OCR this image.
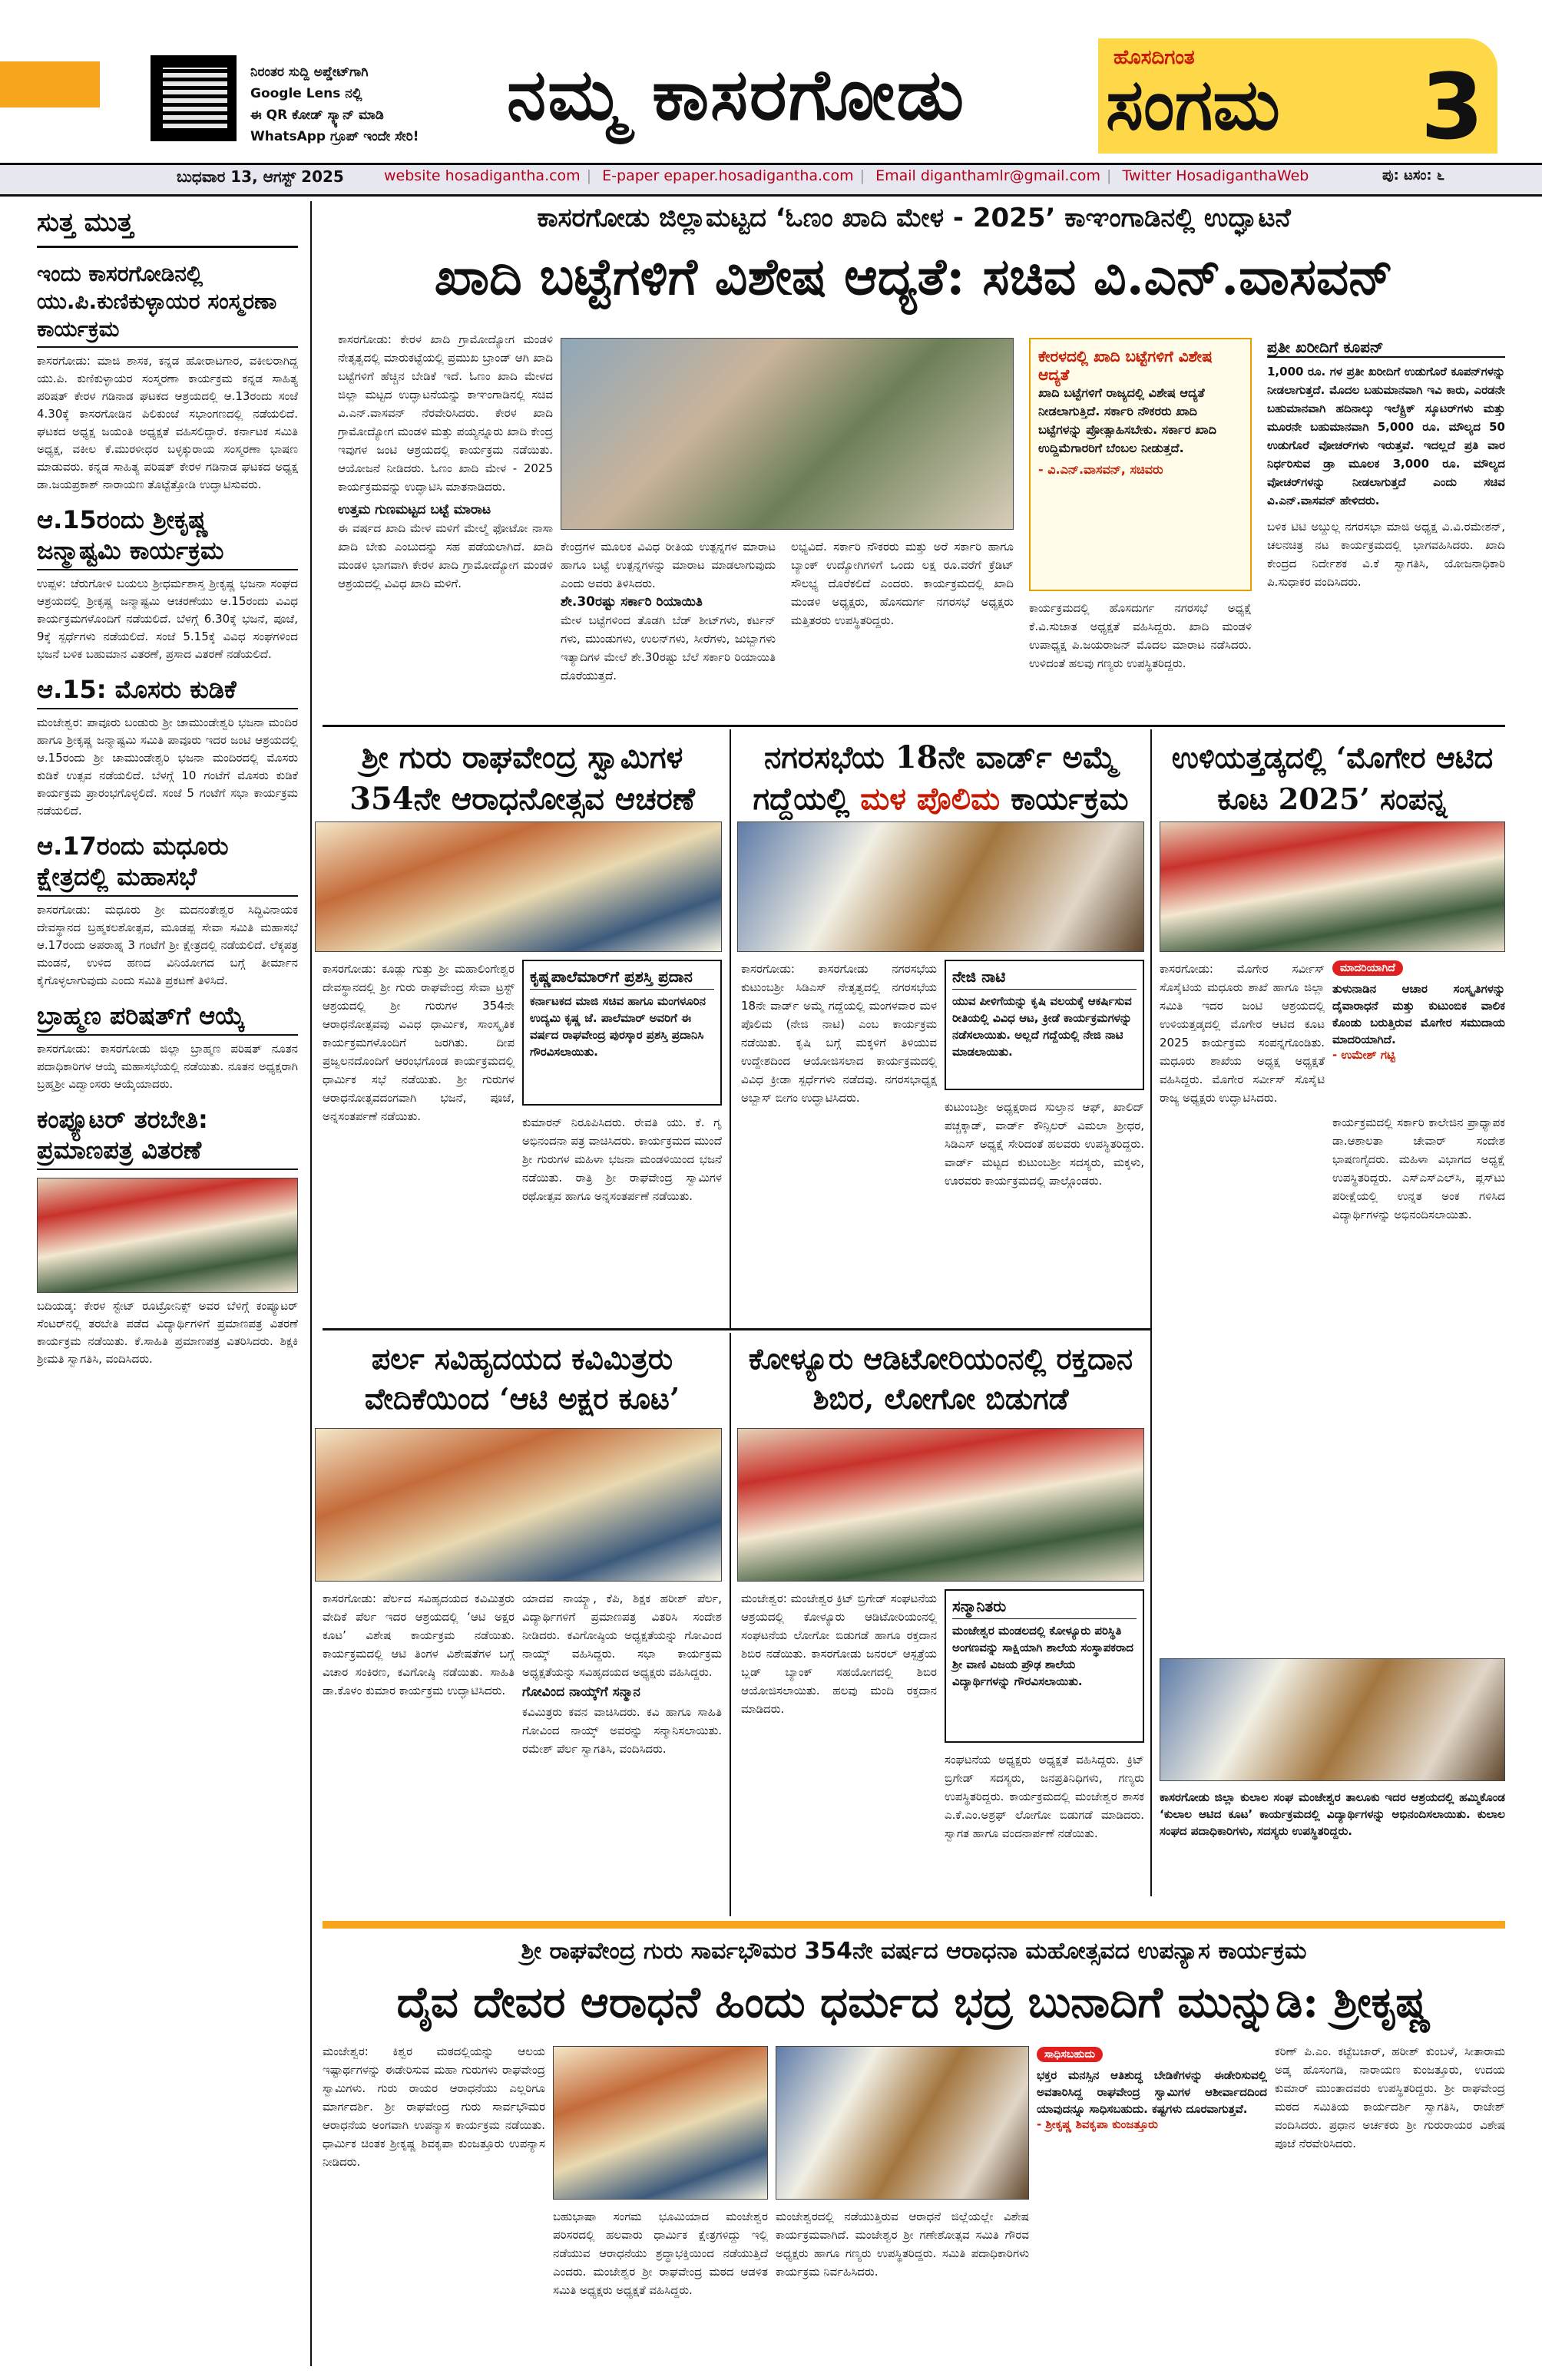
ನಿರಂತರ ಸುದ್ದಿ ಅಪ್ಡೇಟ್‌ಗಾಗಿ
Google Lens ನಲ್ಲಿ
ಈ QR ಕೋಡ್ ಸ್ಕ್ಯಾನ್ ಮಾಡಿ
WhatsApp ಗ್ರೂಪ್ ಇಂದೇ ಸೇರಿ!
ನಮ್ಮ ಕಾಸರಗೋಡು	ಹೊಸದಿಗಂತ
ಸಂಗಮ 3
ಬುಧವಾರ 13, ಆಗಸ್ಟ್ 2025	website hosadigantha.com | E-paper epaper.hosadigantha.com | Email diganthamlr@gmail.com | Twitter HosadiganthaWeb	ಪು: ಟಸಂ: ೬
ಸುತ್ತ ಮುತ್ತ
ಇಂದು ಕಾಸರಗೋಡಿನಲ್ಲಿ ಯು.ಪಿ.ಕುಣಿಕುಳ್ಳಾಯರ ಸಂಸ್ಮರಣಾ ಕಾರ್ಯಕ್ರಮ
ಕಾಸರಗೋಡು: ಮಾಜಿ ಶಾಸಕ, ಕನ್ನಡ ಹೋರಾಟಗಾರ, ವಕೀಲರಾಗಿದ್ದ ಯು.ಪಿ. ಕುಣಿಕುಳ್ಳಾಯರ ಸಂಸ್ಮರಣಾ ಕಾರ್ಯಕ್ರಮ ಕನ್ನಡ ಸಾಹಿತ್ಯ ಪರಿಷತ್ ಕೇರಳ ಗಡಿನಾಡ ಘಟಕದ ಆಶ್ರಯದಲ್ಲಿ ಆ.13ರಂದು ಸಂಜೆ 4.30ಕ್ಕೆ ಕಾಸರಗೋಡಿನ ಪಿಲಿಕುಂಜೆ ಸಭಾಂಗಣದಲ್ಲಿ ನಡೆಯಲಿದೆ. ಘಟಕದ ಅಧ್ಯಕ್ಷ ಜಯಂತಿ ಅಧ್ಯಕ್ಷತೆ ವಹಿಸಲಿದ್ದಾರೆ. ಕರ್ನಾಟಕ ಸಮಿತಿ ಅಧ್ಯಕ್ಷ, ವಕೀಲ ಕೆ.ಮುರಳೀಧರ ಬಳ್ಳಕ್ಕುರಾಯ ಸಂಸ್ಮರಣಾ ಭಾಷಣ ಮಾಡುವರು. ಕನ್ನಡ ಸಾಹಿತ್ಯ ಪರಿಷತ್ ಕೇರಳ ಗಡಿನಾಡ ಘಟಕದ ಅಧ್ಯಕ್ಷ ಡಾ.ಜಯಪ್ರಕಾಶ್ ನಾರಾಯಣ ತೊಟ್ಟೆತ್ತೋಡಿ ಉದ್ಘಾಟಿಸುವರು.
ಆ.15ರಂದು ಶ್ರೀಕೃಷ್ಣ ಜನ್ಮಾಷ್ಟಮಿ ಕಾರ್ಯಕ್ರಮ
ಉಪ್ಪಳ: ಚೆರುಗೋಳಿ ಬಯಲು ಶ್ರೀಧರ್ಮಶಾಸ್ತ ಶ್ರೀಕೃಷ್ಣ ಭಜನಾ ಸಂಘದ ಆಶ್ರಯದಲ್ಲಿ ಶ್ರೀಕೃಷ್ಣ ಜನ್ಮಾಷ್ಟಮಿ ಆಚರಣೆಯು ಆ.15ರಂದು ವಿವಿಧ ಕಾರ್ಯಕ್ರಮಗಳೊಂದಿಗೆ ನಡೆಯಲಿದೆ. ಬೆಳಗ್ಗೆ 6.30ಕ್ಕೆ ಭಜನೆ, ಪೂಜೆ, 9ಕ್ಕೆ ಸ್ಪರ್ಧೆಗಳು ನಡೆಯಲಿದೆ. ಸಂಜೆ 5.15ಕ್ಕೆ ವಿವಿಧ ಸಂಘಗಳಿಂದ ಭಜನೆ ಬಳಿಕ ಬಹುಮಾನ ವಿತರಣೆ, ಪ್ರಸಾದ ವಿತರಣೆ ನಡೆಯಲಿದೆ.
ಆ.15: ಮೊಸರು ಕುಡಿಕೆ
ಮಂಜೇಶ್ವರ: ಪಾವೂರು ಬಂಡುರು ಶ್ರೀ ಚಾಮುಂಡೇಶ್ವರಿ ಭಜನಾ ಮಂದಿರ ಹಾಗೂ ಶ್ರೀಕೃಷ್ಣ ಜನ್ಮಾಷ್ಟಮಿ ಸಮಿತಿ ಪಾವೂರು ಇದರ ಜಂಟಿ ಆಶ್ರಯದಲ್ಲಿ ಆ.15ರಂದು ಶ್ರೀ ಚಾಮುಂಡೇಶ್ವರಿ ಭಜನಾ ಮಂದಿರದಲ್ಲಿ ಮೊಸರು ಕುಡಿಕೆ ಉತ್ಸವ ನಡೆಯಲಿದೆ. ಬೆಳಗ್ಗೆ 10 ಗಂಟೆಗೆ ಮೊಸರು ಕುಡಿಕೆ ಕಾರ್ಯಕ್ರಮ ಪ್ರಾರಂಭಗೊಳ್ಳಲಿದೆ. ಸಂಜೆ 5 ಗಂಟೆಗೆ ಸಭಾ ಕಾರ್ಯಕ್ರಮ ನಡೆಯಲಿದೆ.
ಆ.17ರಂದು ಮಧೂರು ಕ್ಷೇತ್ರದಲ್ಲಿ ಮಹಾಸಭೆ
ಕಾಸರಗೋಡು: ಮಧೂರು ಶ್ರೀ ಮದನಂತೇಶ್ವರ ಸಿದ್ಧಿವಿನಾಯಕ ದೇವಸ್ಥಾನದ ಬ್ರಹ್ಮಕಲಶೋತ್ಸವ, ಮೂಡಪ್ಪ ಸೇವಾ ಸಮಿತಿ ಮಹಾಸಭೆ ಆ.17ರಂದು ಅಪರಾಹ್ನ 3 ಗಂಟೆಗೆ ಶ್ರೀ ಕ್ಷೇತ್ರದಲ್ಲಿ ನಡೆಯಲಿದೆ. ಲೆಕ್ಕಪತ್ರ ಮಂಡನೆ, ಉಳಿದ ಹಣದ ವಿನಿಯೋಗದ ಬಗ್ಗೆ ತೀರ್ಮಾನ ಕೈಗೊಳ್ಳಲಾಗುವುದು ಎಂದು ಸಮಿತಿ ಪ್ರಕಟಣೆ ತಿಳಿಸಿದೆ.
ಬ್ರಾಹ್ಮಣ ಪರಿಷತ್‌ಗೆ ಆಯ್ಕೆ
ಕಾಸರಗೋಡು: ಕಾಸರಗೋಡು ಜಿಲ್ಲಾ ಬ್ರಾಹ್ಮಣ ಪರಿಷತ್ ನೂತನ ಪದಾಧಿಕಾರಿಗಳ ಆಯ್ಕೆ ಮಹಾಸಭೆಯಲ್ಲಿ ನಡೆಯಿತು. ನೂತನ ಅಧ್ಯಕ್ಷರಾಗಿ ಬ್ರಹ್ಮಶ್ರೀ ವಿದ್ವಾಂಸರು ಆಯ್ಕೆಯಾದರು.
ಕಂಪ್ಯೂಟರ್ ತರಬೇತಿ: ಪ್ರಮಾಣಪತ್ರ ವಿತರಣೆ
ಬದಿಯಡ್ಕ: ಕೇರಳ ಸ್ಟೇಟ್ ರೂಟ್ರೋನಿಕ್ಸ್ ಅವರ ಬೆಳಿಗ್ಗೆ ಕಂಪ್ಯೂಟರ್ ಸೆಂಟರ್‌ನಲ್ಲಿ ತರಬೇತಿ ಪಡೆದ ವಿದ್ಯಾರ್ಥಿಗಳಿಗೆ ಪ್ರಮಾಣಪತ್ರ ವಿತರಣೆ ಕಾರ್ಯಕ್ರಮ ನಡೆಯಿತು. ಕೆ.ಸಾಹಿತಿ ಪ್ರಮಾಣಪತ್ರ ವಿತರಿಸಿದರು. ಶಿಕ್ಷಕಿ ಶ್ರೀಮತಿ ಸ್ವಾಗತಿಸಿ, ವಂದಿಸಿದರು.
ಕಾಸರಗೋಡು ಜಿಲ್ಲಾಮಟ್ಟದ ‘ಓಣಂ ಖಾದಿ ಮೇಳ - 2025’ ಕಾಞಂಗಾಡಿನಲ್ಲಿ ಉದ್ಘಾಟನೆ
ಖಾದಿ ಬಟ್ಟೆಗಳಿಗೆ ವಿಶೇಷ ಆದ್ಯತೆ: ಸಚಿವ ವಿ.ಎನ್.ವಾಸವನ್
ಕಾಸರಗೋಡು: ಕೇರಳ ಖಾದಿ ಗ್ರಾಮೋದ್ಯೋಗ ಮಂಡಳಿ ನೇತೃತ್ವದಲ್ಲಿ ಮಾರುಕಟ್ಟೆಯಲ್ಲಿ ಪ್ರಮುಖ ಬ್ರಾಂಡ್ ಆಗಿ ಖಾದಿ ಬಟ್ಟೆಗಳಿಗೆ ಹೆಚ್ಚಿನ ಬೇಡಿಕೆ ಇದೆ. ಓಣಂ ಖಾದಿ ಮೇಳದ ಜಿಲ್ಲಾ ಮಟ್ಟದ ಉದ್ಘಾಟನೆಯನ್ನು ಕಾಞಂಗಾಡಿನಲ್ಲಿ ಸಚಿವ ವಿ.ಎನ್.ವಾಸವನ್ ನೆರವೇರಿಸಿದರು. ಕೇರಳ ಖಾದಿ ಗ್ರಾಮೋದ್ಯೋಗ ಮಂಡಳಿ ಮತ್ತು ಪಯ್ಯನ್ನೂರು ಖಾದಿ ಕೇಂದ್ರ ಇವುಗಳ ಜಂಟಿ ಆಶ್ರಯದಲ್ಲಿ ಕಾರ್ಯಕ್ರಮ ನಡೆಯಿತು. ಆಯೋಜನೆ ನೀಡಿದರು. ಓಣಂ ಖಾದಿ ಮೇಳ - 2025 ಕಾರ್ಯಕ್ರಮವನ್ನು ಉದ್ಘಾಟಿಸಿ ಮಾತನಾಡಿದರು.
ಉತ್ತಮ ಗುಣಮಟ್ಟದ ಬಟ್ಟೆ ಮಾರಾಟ
ಈ ವರ್ಷದ ಖಾದಿ ಮೇಳ ಮಳಿಗೆ ಮೇಲ್ಮೆ ಫೋಟೋ ನಾಸಾ ಖಾದಿ ಬೇಕು ಎಂಬುದನ್ನು ಸಹ ಪಡೆಯಲಾಗಿದೆ. ಖಾದಿ ಮಂಡಳಿ ಭಾಗವಾಗಿ ಕೇರಳ ಖಾದಿ ಗ್ರಾಮೋದ್ಯೋಗ ಮಂಡಳಿ ಆಶ್ರಯದಲ್ಲಿ ವಿವಿಧ ಖಾದಿ ಮಳಿಗೆ.
ಕೇಂದ್ರಗಳ ಮೂಲಕ ವಿವಿಧ ರೀತಿಯ ಉತ್ಪನ್ನಗಳ ಮಾರಾಟ ಹಾಗೂ ಬಟ್ಟೆ ಉತ್ಪನ್ನಗಳನ್ನು ಮಾರಾಟ ಮಾಡಲಾಗುವುದು ಎಂದು ಅವರು ತಿಳಿಸಿದರು.
ಶೇ.30ರಷ್ಟು ಸರ್ಕಾರಿ ರಿಯಾಯಿತಿ
ಮೇಳ ಬಟ್ಟೆಗಳಿಂದ ತೊಡಗಿ ಬೆಡ್ ಶೀಟ್‌ಗಳು, ಕರ್ಟನ್ ಗಳು, ಮುಂಡುಗಳು, ಉಲನ್‌ಗಳು, ಸೀರೆಗಳು, ಜುಬ್ಬಾಗಳು ಇತ್ಯಾದಿಗಳ ಮೇಲೆ ಶೇ.30ರಷ್ಟು ಬೆಲೆ ಸರ್ಕಾರಿ ರಿಯಾಯಿತಿ ದೊರೆಯುತ್ತದೆ.
ಲಭ್ಯವಿದೆ. ಸರ್ಕಾರಿ ನೌಕರರು ಮತ್ತು ಅರೆ ಸರ್ಕಾರಿ ಹಾಗೂ ಬ್ಯಾಂಕ್ ಉದ್ಯೋಗಿಗಳಿಗೆ ಒಂದು ಲಕ್ಷ ರೂ.ವರೆಗೆ ಕ್ರೆಡಿಟ್ ಸೌಲಭ್ಯ ದೊರೆಕಲಿದೆ ಎಂದರು. ಕಾರ್ಯಕ್ರಮದಲ್ಲಿ ಖಾದಿ ಮಂಡಳಿ ಅಧ್ಯಕ್ಷರು, ಹೊಸದುರ್ಗ ನಗರಸಭೆ ಅಧ್ಯಕ್ಷರು ಮತ್ತಿತರರು ಉಪಸ್ಥಿತರಿದ್ದರು.
ಕೇರಳದಲ್ಲಿ ಖಾದಿ ಬಟ್ಟೆಗಳಿಗೆ ವಿಶೇಷ ಆದ್ಯತೆ
ಖಾದಿ ಬಟ್ಟೆಗಳಿಗೆ ರಾಜ್ಯದಲ್ಲಿ ವಿಶೇಷ ಆದ್ಯತೆ ನೀಡಲಾಗುತ್ತಿದೆ. ಸರ್ಕಾರಿ ನೌಕರರು ಖಾದಿ ಬಟ್ಟೆಗಳನ್ನು ಪ್ರೋತ್ಸಾಹಿಸಬೇಕು. ಸರ್ಕಾರ ಖಾದಿ ಉದ್ದಿಮೆಗಾರರಿಗೆ ಬೆಂಬಲ ನೀಡುತ್ತದೆ.
- ವಿ.ಎನ್.ವಾಸವನ್, ಸಚಿವರು
ಕಾರ್ಯಕ್ರಮದಲ್ಲಿ ಹೊಸದುರ್ಗ ನಗರಸಭೆ ಅಧ್ಯಕ್ಷೆ ಕೆ.ವಿ.ಸುಜಾತ ಅಧ್ಯಕ್ಷತೆ ವಹಿಸಿದ್ದರು. ಖಾದಿ ಮಂಡಳಿ ಉಪಾಧ್ಯಕ್ಷ ಪಿ.ಜಯರಾಜನ್ ಮೊದಲ ಮಾರಾಟ ನಡೆಸಿದರು. ಉಳಿದಂತೆ ಹಲವು ಗಣ್ಯರು ಉಪಸ್ಥಿತರಿದ್ದರು.
ಪ್ರತೀ ಖರೀದಿಗೆ ಕೂಪನ್
1,000 ರೂ. ಗಳ ಪ್ರತೀ ಖರೀದಿಗೆ ಉಡುಗೊರೆ ಕೂಪನ್‌ಗಳನ್ನು ನೀಡಲಾಗುತ್ತದೆ. ಮೊದಲ ಬಹುಮಾನವಾಗಿ ಇವಿ ಕಾರು, ಎರಡನೇ ಬಹುಮಾನವಾಗಿ ಹದಿನಾಲ್ಕು ಇಲೆಕ್ಟ್ರಿಕ್ ಸ್ಕೂಟರ್‌ಗಳು ಮತ್ತು ಮೂರನೇ ಬಹುಮಾನವಾಗಿ 5,000 ರೂ. ಮೌಲ್ಯದ 50 ಉಡುಗೊರೆ ವೋಚರ್‌ಗಳು ಇರುತ್ತವೆ. ಇದಲ್ಲದೆ ಪ್ರತಿ ವಾರ ನಿರ್ಧರಿಸುವ ಡ್ರಾ ಮೂಲಕ 3,000 ರೂ. ಮೌಲ್ಯದ ವೋಚರ್‌ಗಳನ್ನು ನೀಡಲಾಗುತ್ತದೆ ಎಂದು ಸಚಿವ ವಿ.ಎನ್.ವಾಸವನ್ ಹೇಳಿದರು.
ಬಳಿಕ ಟಿಟಿ ಅಬ್ದುಲ್ಲ ನಗರಸಭಾ ಮಾಜಿ ಅಧ್ಯಕ್ಷ ವಿ.ವಿ.ರಮೇಶನ್, ಚಲನಚಿತ್ರ ನಟ ಕಾರ್ಯಕ್ರಮದಲ್ಲಿ ಭಾಗವಹಿಸಿದರು. ಖಾದಿ ಕೇಂದ್ರದ ನಿರ್ದೇಶಕ ವಿ.ಕೆ ಸ್ವಾಗತಿಸಿ, ಯೋಜನಾಧಿಕಾರಿ ಪಿ.ಸುಧಾಕರ ವಂದಿಸಿದರು.
ಶ್ರೀ ಗುರು ರಾಘವೇಂದ್ರ ಸ್ವಾಮಿಗಳ 354ನೇ ಆರಾಧನೋತ್ಸವ ಆಚರಣೆ
ಕಾಸರಗೋಡು: ಕೂಡ್ಲು ಗುತ್ತು ಶ್ರೀ ಮಹಾಲಿಂಗೇಶ್ವರ ದೇವಸ್ಥಾನದಲ್ಲಿ ಶ್ರೀ ಗುರು ರಾಘವೇಂದ್ರ ಸೇವಾ ಟ್ರಸ್ಟ್ ಆಶ್ರಯದಲ್ಲಿ ಶ್ರೀ ಗುರುಗಳ 354ನೇ ಆರಾಧನೋತ್ಸವವು ವಿವಿಧ ಧಾರ್ಮಿಕ, ಸಾಂಸ್ಕೃತಿಕ ಕಾರ್ಯಕ್ರಮಗಳೊಂದಿಗೆ ಜರಗಿತು. ದೀಪ ಪ್ರಜ್ವಲನದೊಂದಿಗೆ ಆರಂಭಗೊಂಡ ಕಾರ್ಯಕ್ರಮದಲ್ಲಿ ಧಾರ್ಮಿಕ ಸಭೆ ನಡೆಯಿತು. ಶ್ರೀ ಗುರುಗಳ ಆರಾಧನೋತ್ಸವದಂಗವಾಗಿ ಭಜನೆ, ಪೂಜೆ, ಅನ್ನಸಂತರ್ಪಣೆ ನಡೆಯಿತು.
ಕೃಷ್ಣಪಾಲೆಮಾರ್‌ಗೆ ಪ್ರಶಸ್ತಿ ಪ್ರದಾನ
ಕರ್ನಾಟಕದ ಮಾಜಿ ಸಚಿವ ಹಾಗೂ ಮಂಗಳೂರಿನ ಉದ್ಯಮಿ ಕೃಷ್ಣ ಜೆ. ಪಾಲೆಮಾರ್ ಅವರಿಗೆ ಈ ವರ್ಷದ ರಾಘವೇಂದ್ರ ಪುರಸ್ಕಾರ ಪ್ರಶಸ್ತಿ ಪ್ರದಾನಿಸಿ ಗೌರವಿಸಲಾಯಿತು.
ಕುಮಾರನ್ ನಿರೂಪಿಸಿದರು. ರೇವತಿ ಯು. ಕೆ. ಗೃ ಅಭಿನಂದನಾ ಪತ್ರ ವಾಚಿಸಿದರು. ಕಾರ್ಯಕ್ರಮದ ಮುಂದೆ ಶ್ರೀ ಗುರುಗಳ ಮಹಿಳಾ ಭಜನಾ ಮಂಡಳಿಯಿಂದ ಭಜನೆ ನಡೆಯಿತು. ರಾತ್ರಿ ಶ್ರೀ ರಾಘವೇಂದ್ರ ಸ್ವಾಮಿಗಳ ರಥೋತ್ಸವ ಹಾಗೂ ಅನ್ನಸಂತರ್ಪಣೆ ನಡೆಯಿತು.
ನಗರಸಭೆಯ 18ನೇ ವಾರ್ಡ್ ಅಮ್ಮೆ
ಗದ್ದೆಯಲ್ಲಿ ಮಳ ಪೊಲಿಮ ಕಾರ್ಯಕ್ರಮ
ಕಾಸರಗೋಡು: ಕಾಸರಗೋಡು ನಗರಸಭೆಯ ಕುಟುಂಬಶ್ರೀ ಸಿಡಿಎಸ್ ನೇತೃತ್ವದಲ್ಲಿ ನಗರಸಭೆಯ 18ನೇ ವಾರ್ಡ್ ಅಮ್ಮೆ ಗದ್ದೆಯಲ್ಲಿ ಮಂಗಳವಾರ ಮಳ ಪೊಲಿಮ (ನೇಜಿ ನಾಟಿ) ಎಂಬ ಕಾರ್ಯಕ್ರಮ ನಡೆಯಿತು. ಕೃಷಿ ಬಗ್ಗೆ ಮಕ್ಕಳಿಗೆ ತಿಳಿಯುವ ಉದ್ದೇಶದಿಂದ ಆಯೋಜಿಸಲಾದ ಕಾರ್ಯಕ್ರಮದಲ್ಲಿ ವಿವಿಧ ಕ್ರೀಡಾ ಸ್ಪರ್ಧೆಗಳು ನಡೆದವು. ನಗರಸಭಾಧ್ಯಕ್ಷ ಅಬ್ಬಾಸ್ ಬೀಗಂ ಉದ್ಘಾಟಿಸಿದರು.
ನೇಜಿ ನಾಟಿ
ಯುವ ಪೀಳಿಗೆಯನ್ನು ಕೃಷಿ ವಲಯಕ್ಕೆ ಆಕರ್ಷಿಸುವ ರೀತಿಯಲ್ಲಿ ವಿವಿಧ ಆಟ, ಕ್ರೀಡೆ ಕಾರ್ಯಕ್ರಮಗಳನ್ನು ನಡೆಸಲಾಯಿತು. ಅಲ್ಲದೆ ಗದ್ದೆಯಲ್ಲಿ ನೇಜಿ ನಾಟಿ ಮಾಡಲಾಯಿತು.
ಕುಟುಂಬಶ್ರೀ ಅಧ್ಯಕ್ಷರಾದ ಸುಲ್ತಾನ ಆಫ್, ಖಾಲಿದ್ ಪಚ್ಚಕ್ಕಾಡ್, ವಾರ್ಡ್ ಕೌನ್ಸಿಲರ್ ವಿಮಲಾ ಶ್ರೀಧರ, ಸಿಡಿಎಸ್ ಅಧ್ಯಕ್ಷೆ ಸೇರಿದಂತೆ ಹಲವರು ಉಪಸ್ಥಿತರಿದ್ದರು. ವಾರ್ಡ್ ಮಟ್ಟದ ಕುಟುಂಬಶ್ರೀ ಸದಸ್ಯರು, ಮಕ್ಕಳು, ಊರವರು ಕಾರ್ಯಕ್ರಮದಲ್ಲಿ ಪಾಲ್ಗೊಂಡರು.
ಉಳಿಯತ್ತಡ್ಕದಲ್ಲಿ ‘ಮೊಗೇರ ಆಟಿದ ಕೂಟ 2025’ ಸಂಪನ್ನ
ಕಾಸರಗೋಡು: ಮೊಗೇರ ಸರ್ವೀಸ್ ಸೊಸೈಟಿಯ ಮಧೂರು ಶಾಖೆ ಹಾಗೂ ಜಿಲ್ಲಾ ಸಮಿತಿ ಇದರ ಜಂಟಿ ಆಶ್ರಯದಲ್ಲಿ ಉಳಿಯತ್ತಡ್ಕದಲ್ಲಿ ಮೊಗೇರ ಆಟಿದ ಕೂಟ 2025 ಕಾರ್ಯಕ್ರಮ ಸಂಪನ್ನಗೊಂಡಿತು. ಮಧೂರು ಶಾಖೆಯ ಅಧ್ಯಕ್ಷ ಅಧ್ಯಕ್ಷತೆ ವಹಿಸಿದ್ದರು. ಮೊಗೇರ ಸರ್ವೀಸ್ ಸೊಸೈಟಿ ರಾಜ್ಯ ಅಧ್ಯಕ್ಷರು ಉದ್ಘಾಟಿಸಿದರು.
ಮಾದರಿಯಾಗಿದೆ
ತುಳುನಾಡಿನ ಆಚಾರ ಸಂಸ್ಕೃತಿಗಳನ್ನು ದೈವಾರಾಧನೆ ಮತ್ತು ಕುಟುಂಬಿಕ ವಾಲಿಕ ಕೊಂಡು ಬರುತ್ತಿರುವ ಮೊಗೇರ ಸಮುದಾಯ ಮಾದರಿಯಾಗಿದೆ.
- ಉಮೇಶ್ ಗಟ್ಟಿ
ಕಾರ್ಯಕ್ರಮದಲ್ಲಿ ಸರ್ಕಾರಿ ಕಾಲೇಜಿನ ಪ್ರಾಧ್ಯಾಪಕ ಡಾ.ಆಶಾಲತಾ ಚೇವಾರ್ ಸಂದೇಶ ಭಾಷಣಗೈದರು. ಮಹಿಳಾ ವಿಭಾಗದ ಅಧ್ಯಕ್ಷೆ ಉಪಸ್ಥಿತರಿದ್ದರು. ಎಸ್‌ಎಸ್‌ಎಲ್‌ಸಿ, ಪ್ಲಸ್‌ಟು ಪರೀಕ್ಷೆಯಲ್ಲಿ ಉನ್ನತ ಅಂಕ ಗಳಿಸಿದ ವಿದ್ಯಾರ್ಥಿಗಳನ್ನು ಅಭಿನಂದಿಸಲಾಯಿತು.
ಪರ್ಲ ಸವಿಹೃದಯದ ಕವಿಮಿತ್ರರು ವೇದಿಕೆಯಿಂದ ‘ಆಟಿ ಅಕ್ಷರ ಕೂಟ’
ಕಾಸರಗೋಡು: ಪೆರ್ಲದ ಸವಿಹೃದಯದ ಕವಿಮಿತ್ರರು ವೇದಿಕೆ ಪೆರ್ಲ ಇದರ ಆಶ್ರಯದಲ್ಲಿ ‘ಆಟಿ ಅಕ್ಷರ ಕೂಟ’ ವಿಶೇಷ ಕಾರ್ಯಕ್ರಮ ನಡೆಯಿತು. ಕಾರ್ಯಕ್ರಮದಲ್ಲಿ ಆಟಿ ತಿಂಗಳ ವಿಶೇಷತೆಗಳ ಬಗ್ಗೆ ವಿಚಾರ ಸಂಕಿರಣ, ಕವಿಗೋಷ್ಠಿ ನಡೆಯಿತು. ಸಾಹಿತಿ ಡಾ.ಕೊಳಂ ಕುಮಾರ ಕಾರ್ಯಕ್ರಮ ಉದ್ಘಾಟಿಸಿದರು.
ಯಾದವ ನಾಯ್ಕ್ಬಾ, ಕೆಪಿ, ಶಿಕ್ಷಕ ಹರೀಶ್ ಪೆರ್ಲ, ವಿದ್ಯಾರ್ಥಿಗಳಿಗೆ ಪ್ರಮಾಣಪತ್ರ ವಿತರಿಸಿ ಸಂದೇಶ ನೀಡಿದರು. ಕವಿಗೋಷ್ಠಿಯ ಅಧ್ಯಕ್ಷತೆಯನ್ನು ಗೋವಿಂದ ನಾಯ್ಕ್ ವಹಿಸಿದ್ದರು. ಸಭಾ ಕಾರ್ಯಕ್ರಮ ಅಧ್ಯಕ್ಷತೆಯನ್ನು ಸವಿಹೃದಯದ ಅಧ್ಯಕ್ಷರು ವಹಿಸಿದ್ದರು.
ಗೋವಿಂದ ನಾಯ್ಕ್‌ಗೆ ಸನ್ಮಾನ
ಕವಿಮಿತ್ರರು ಕವನ ವಾಚಿಸಿದರು. ಕವಿ ಹಾಗೂ ಸಾಹಿತಿ ಗೋವಿಂದ ನಾಯ್ಕ್ ಅವರನ್ನು ಸನ್ಮಾನಿಸಲಾಯಿತು. ರಮೇಶ್ ಪೆರ್ಲ ಸ್ವಾಗತಿಸಿ, ವಂದಿಸಿದರು.
ಕೋಳ್ಯೂರು ಆಡಿಟೋರಿಯಂನಲ್ಲಿ ರಕ್ತದಾನ ಶಿಬಿರ, ಲೋಗೋ ಬಿಡುಗಡೆ
ಮಂಜೇಶ್ವರ: ಮಂಜೇಶ್ವರ ಕ್ರಿಟ್ ಬ್ರಿಗೇಡ್ ಸಂಘಟನೆಯ ಆಶ್ರಯದಲ್ಲಿ ಕೋಳ್ಯೂರು ಆಡಿಟೋರಿಯಂನಲ್ಲಿ ಸಂಘಟನೆಯ ಲೋಗೋ ಬಿಡುಗಡೆ ಹಾಗೂ ರಕ್ತದಾನ ಶಿಬಿರ ನಡೆಯಿತು. ಕಾಸರಗೋಡು ಜನರಲ್ ಆಸ್ಪತ್ರೆಯ ಬ್ಲಡ್ ಬ್ಯಾಂಕ್ ಸಹಯೋಗದಲ್ಲಿ ಶಿಬಿರ ಆಯೋಜಿಸಲಾಯಿತು. ಹಲವು ಮಂದಿ ರಕ್ತದಾನ ಮಾಡಿದರು.
ಸನ್ಮಾನಿತರು
ಮಂಜೇಶ್ವರ ಮಂಡಲದಲ್ಲಿ ಕೋಳ್ಯೂರು ಪರಿಸ್ಥಿತಿ ಅಂಗಣವನ್ನು ಸಾಕ್ಷಿಯಾಗಿ ಶಾಲೆಯ ಸಂಸ್ಥಾಪಕರಾದ ಶ್ರೀ ವಾಣಿ ವಿಜಯ ಪ್ರೌಢ ಶಾಲೆಯ ವಿದ್ಯಾರ್ಥಿಗಳನ್ನು ಗೌರವಿಸಲಾಯಿತು.
ಸಂಘಟನೆಯ ಅಧ್ಯಕ್ಷರು ಅಧ್ಯಕ್ಷತೆ ವಹಿಸಿದ್ದರು. ಕ್ರಿಟ್ ಬ್ರಿಗೇಡ್ ಸದಸ್ಯರು, ಜನಪ್ರತಿನಿಧಿಗಳು, ಗಣ್ಯರು ಉಪಸ್ಥಿತರಿದ್ದರು. ಕಾರ್ಯಕ್ರಮದಲ್ಲಿ ಮಂಜೇಶ್ವರ ಶಾಸಕ ಎ.ಕೆ.ಎಂ.ಅಶ್ರಫ್ ಲೋಗೋ ಬಿಡುಗಡೆ ಮಾಡಿದರು. ಸ್ವಾಗತ ಹಾಗೂ ವಂದನಾರ್ಪಣೆ ನಡೆಯಿತು.
ಕಾಸರಗೋಡು ಜಿಲ್ಲಾ ಕುಲಾಲ ಸಂಘ ಮಂಜೇಶ್ವರ ತಾಲೂಕು ಇದರ ಆಶ್ರಯದಲ್ಲಿ ಹಮ್ಮಿಕೊಂಡ ‘ಕುಲಾಲ ಆಟಿದ ಕೂಟ’ ಕಾರ್ಯಕ್ರಮದಲ್ಲಿ ವಿದ್ಯಾರ್ಥಿಗಳನ್ನು ಅಭಿನಂದಿಸಲಾಯಿತು. ಕುಲಾಲ ಸಂಘದ ಪದಾಧಿಕಾರಿಗಳು, ಸದಸ್ಯರು ಉಪಸ್ಥಿತರಿದ್ದರು.
ಶ್ರೀ ರಾಘವೇಂದ್ರ ಗುರು ಸಾರ್ವಭೌಮರ 354ನೇ ವರ್ಷದ ಆರಾಧನಾ ಮಹೋತ್ಸವದ ಉಪನ್ಯಾಸ ಕಾರ್ಯಕ್ರಮ
ದೈವ ದೇವರ ಆರಾಧನೆ ಹಿಂದು ಧರ್ಮದ ಭದ್ರ ಬುನಾದಿಗೆ ಮುನ್ನುಡಿ: ಶ್ರೀಕೃಷ್ಣ
ಮಂಜೇಶ್ವರ: ಕಿಶ್ವರ ಮಠದಲ್ಲಿಯನ್ನು ಆಲಯ ಇಷ್ಟಾರ್ಥಗಳನ್ನು ಈಡೇರಿಸುವ ಮಹಾ ಗುರುಗಳು ರಾಘವೇಂದ್ರ ಸ್ವಾಮಿಗಳು. ಗುರು ರಾಯರ ಆರಾಧನೆಯು ಎಲ್ಲರಿಗೂ ಮಾರ್ಗದರ್ಶಿ. ಶ್ರೀ ರಾಘವೇಂದ್ರ ಗುರು ಸಾರ್ವಭೌಮರ ಆರಾಧನೆಯ ಅಂಗವಾಗಿ ಉಪನ್ಯಾಸ ಕಾರ್ಯಕ್ರಮ ನಡೆಯಿತು. ಧಾರ್ಮಿಕ ಚಿಂತಕ ಶ್ರೀಕೃಷ್ಣ ಶಿವಕೃಪಾ ಕುಂಜತ್ತೂರು ಉಪನ್ಯಾಸ ನೀಡಿದರು.
ಬಹುಭಾಷಾ ಸಂಗಮ ಭೂಮಿಯಾದ ಮಂಜೇಶ್ವರ ಪರಿಸರದಲ್ಲಿ ಹಲವಾರು ಧಾರ್ಮಿಕ ಕ್ಷೇತ್ರಗಳಿದ್ದು ಇಲ್ಲಿ ನಡೆಯುವ ಆರಾಧನೆಯು ಶ್ರದ್ಧಾಭಕ್ತಿಯಿಂದ ನಡೆಯುತ್ತಿದೆ ಎಂದರು. ಮಂಜೇಶ್ವರ ಶ್ರೀ ರಾಘವೇಂದ್ರ ಮಠದ ಆಡಳಿತ ಸಮಿತಿ ಅಧ್ಯಕ್ಷರು ಅಧ್ಯಕ್ಷತೆ ವಹಿಸಿದ್ದರು.
ಮಂಜೇಶ್ವರದಲ್ಲಿ ನಡೆಯುತ್ತಿರುವ ಆರಾಧನೆ ಜಿಲ್ಲೆಯಲ್ಲೇ ವಿಶೇಷ ಕಾರ್ಯಕ್ರಮವಾಗಿದೆ. ಮಂಜೇಶ್ವರ ಶ್ರೀ ಗಣೇಶೋತ್ಸವ ಸಮಿತಿ ಗೌರವ ಅಧ್ಯಕ್ಷರು ಹಾಗೂ ಗಣ್ಯರು ಉಪಸ್ಥಿತರಿದ್ದರು. ಸಮಿತಿ ಪದಾಧಿಕಾರಿಗಳು ಕಾರ್ಯಕ್ರಮ ನಿರ್ವಹಿಸಿದರು.
ಸಾಧಿಸಬಹುದು
ಭಕ್ತರ ಮನಸ್ಸಿನ ಆತಿಶುದ್ಧ ಬೇಡಿಕೆಗಳನ್ನು ಈಡೇರಿಸುವಲ್ಲಿ ಅವತಾರಿಸಿದ್ದ ರಾಘವೇಂದ್ರ ಸ್ವಾಮಿಗಳ ಆಶೀರ್ವಾದದಿಂದ ಯಾವುದನ್ನೂ ಸಾಧಿಸಬಹುದು. ಕಷ್ಟಗಳು ದೂರವಾಗುತ್ತವೆ.
- ಶ್ರೀಕೃಷ್ಣ ಶಿವಕೃಪಾ ಕುಂಜತ್ತೂರು
ಕರಿಣ್ ಪಿ.ಎಂ. ಕಟ್ಟೆಬಜಾರ್, ಹರೀಶ್ ಕುಂಬಳೆ, ಸೀತಾರಾಮ ಅಡ್ಕ ಹೊಸಂಗಡಿ, ನಾರಾಯಣ ಕುಂಜತ್ತೂರು, ಉದಯ ಕುಮಾರ್ ಮುಂತಾದವರು ಉಪಸ್ಥಿತರಿದ್ದರು. ಶ್ರೀ ರಾಘವೇಂದ್ರ ಮಠದ ಸಮಿತಿಯ ಕಾರ್ಯದರ್ಶಿ ಸ್ವಾಗತಿಸಿ, ರಾಜೇಶ್ ವಂದಿಸಿದರು. ಪ್ರಧಾನ ಅರ್ಚಕರು ಶ್ರೀ ಗುರುರಾಯರ ವಿಶೇಷ ಪೂಜೆ ನೆರವೇರಿಸಿದರು.
